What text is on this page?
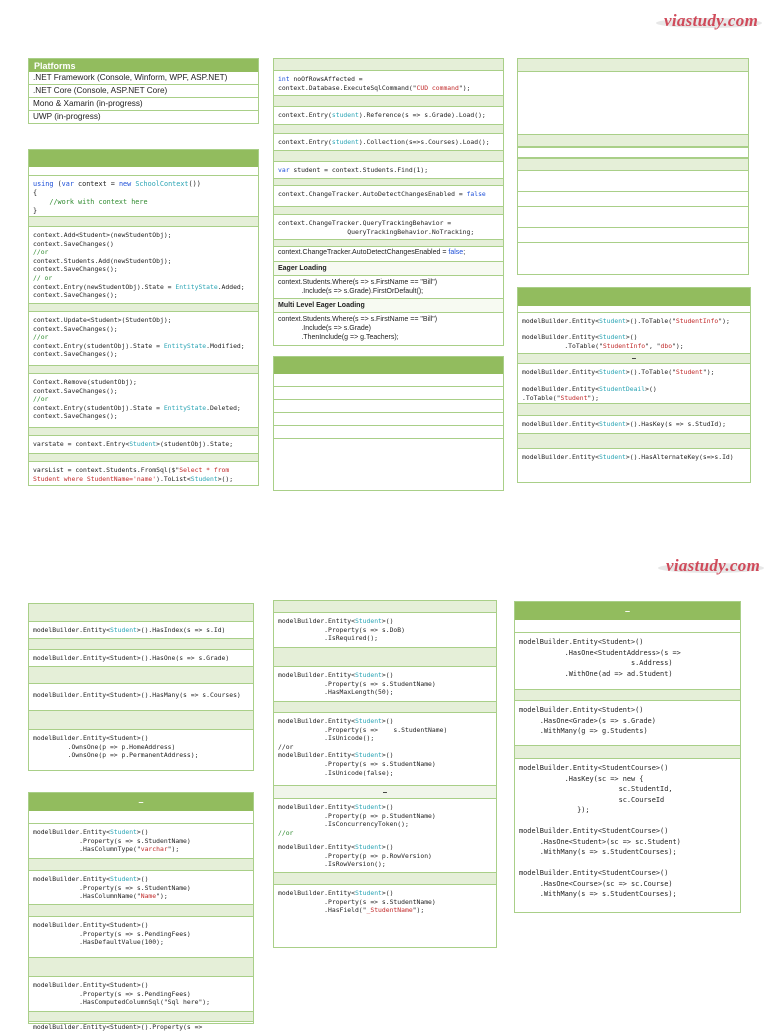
viastudy.com
viastudy.com
Platforms
.NET Framework (Console, Winform, WPF, ASP.NET)
.NET Core (Console, ASP.NET Core)
Mono & Xamarin (in-progress)
UWP (in-progress)
using (var context = new SchoolContext())
{
//work with context here
}
context.Add<Student>(newStudentObj);
context.SaveChanges()
//or
context.Students.Add(newStudentObj);
context.SaveChanges();
// or
context.Entry(newStudentObj).State = EntityState.Added;
context.SaveChanges();
context.Update<Student>(StudentObj);
context.SaveChanges();
//or
context.Entry(studentObj).State = EntityState.Modified;
context.SaveChanges();
Context.Remove(studentObj);
context.SaveChanges();
//or
context.Entry(studentObj).State = EntityState.Deleted;
context.SaveChanges();
varstate = context.Entry<Student>(studentObj).State;
varsList = context.Students.FromSql($"Select * from
Student where StudentName='name').ToList<Student>();
int noOfRowsAffected =
context.Database.ExecuteSqlCommand("CUD command");
context.Entry(student).Reference(s => s.Grade).Load();
context.Entry(student).Collection(s=>s.Courses).Load();
var student = context.Students.Find(1);
context.ChangeTracker.AutoDetectChangesEnabled = false
context.ChangeTracker.QueryTrackingBehavior =
QueryTrackingBehavior.NoTracking;
context.ChangeTracker.AutoDetectChangesEnabled = false;
Eager Loading
context.Students.Where(s => s.FirstName == "Bill")
.Include(s => s.Grade).FirstOrDefault();
Multi Level Eager Loading
context.Students.Where(s => s.FirstName == "Bill")
.Include(s => s.Grade)
.ThenInclude(g => g.Teachers);
modelBuilder.Entity<Student>().ToTable("StudentInfo");
modelBuilder.Entity<Student>()
.ToTable("StudentInfo", "dbo");
–
modelBuilder.Entity<Student>().ToTable("Student");

modelBuilder.Entity<StudentDeail>()
.ToTable("Student");
modelBuilder.Entity<Student>().HasKey(s => s.StudId);
modelBuilder.Entity<Student>().HasAlternateKey(s=>s.Id)
modelBuilder.Entity<Student>().HasIndex(s => s.Id)
modelBuilder.Entity<Student>().HasOne(s => s.Grade)
modelBuilder.Entity<Student>().HasMany(s => s.Courses)
modelBuilder.Entity<Student>()
.OwnsOne(p => p.HomeAddress)
.OwnsOne(p => p.PermanentAddress);
–
modelBuilder.Entity<Student>()
.Property(s => s.StudentName)
.HasColumnType("varchar");
modelBuilder.Entity<Student>()
.Property(s => s.StudentName)
.HasColumnName("Name");
modelBuilder.Entity<Student>()
.Property(s => s.PendingFees)
.HasDefaultValue(100);
modelBuilder.Entity<Student>()
.Property(s => s.PendingFees)
.HasComputedColumnSql("Sql here");
modelBuilder.Entity<Student>().Property(s =>
modelBuilder.Entity<Student>()
.Property(s => s.DoB)
.IsRequired();
modelBuilder.Entity<Student>()
.Property(s => s.StudentName)
.HasMaxLength(50);
modelBuilder.Entity<Student>()
.Property(s =>    s.StudentName)
.IsUnicode();
//or
modelBuilder.Entity<Student>()
.Property(s => s.StudentName)
.IsUnicode(false);
–
modelBuilder.Entity<Student>()
.Property(p => p.StudentName)
.IsConcurrencyToken();
//or
modelBuilder.Entity<Student>()
.Property(p => p.RowVersion)
.IsRowVersion();
modelBuilder.Entity<Student>()
.Property(s => s.StudentName)
.HasField("_StudentName");
–
modelBuilder.Entity<Student>()
.HasOne<StudentAddress>(s =>
s.Address)
.WithOne(ad => ad.Student)
modelBuilder.Entity<Student>()
.HasOne<Grade>(s => s.Grade)
.WithMany(g => g.Students)
modelBuilder.Entity<StudentCourse>()
.HasKey(sc => new {
sc.StudentId,
sc.CourseId
});

modelBuilder.Entity<StudentCourse>()
.HasOne<Student>(sc => sc.Student)
.WithMany(s => s.StudentCourses);

modelBuilder.Entity<StudentCourse>()
.HasOne<Course>(sc => sc.Course)
.WithMany(s => s.StudentCourses);
